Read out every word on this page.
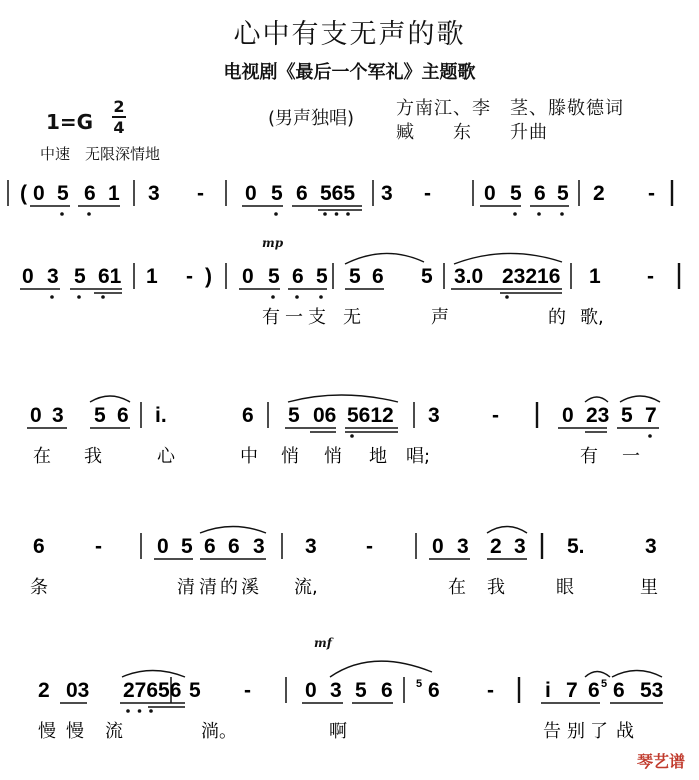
心中有支无声的歌
电视剧《最后一个军礼》主题歌
1=G
2
4	(男声独唱) 方南江、李　茎、滕敬德词
臧　　东　　升曲
中速　无限深情地
mp
mf
( 0 5 6 1 3 - 0 5 6 565 3 -	0 5 6 5 2 -
)
0 3 5 61 1 - 0 5 6 5 5 6 5 3.0 23216 1 -
有 一 支 无	声	的 歌,
0 3 5 6 i.	6 5 06 5612 3 -	0 23 5 7
在 我	心	中 悄 悄 地 唱;	有 一
6 -	0 5 6 6 3 3 -	0 3 2 3 5.	3
条	清 清 的 溪 流,	在 我	眼	里
2 03 27656 5 -	0 3 5 6 6
5	- i 7 6 6
5 53
慢 慢 流	淌。	啊	告 别 了 战
琴艺谱
